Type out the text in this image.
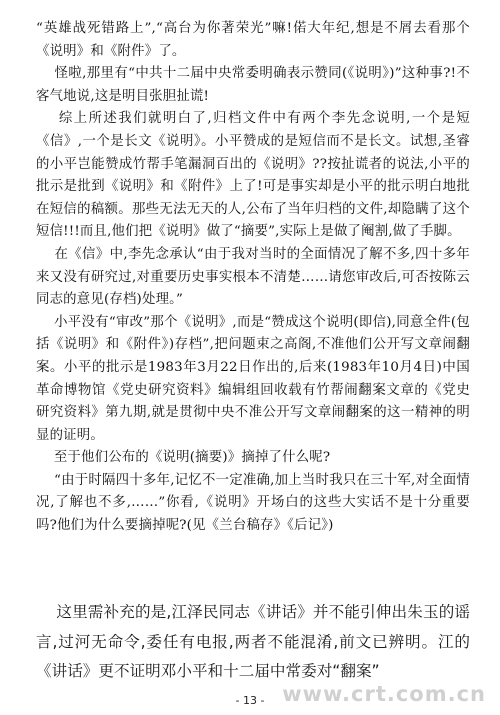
“英雄战死错路上”,“高台为你著荣光”嘛!偌大年纪,想是不屑去看那个《说明》和《附件》了。

怪啦,那里有“中共十二届中央常委明确表示赞同(《说明》)”这种事?!不客气地说,这是明目张胆扯谎!

综上所述我们就明白了,归档文件中有两个李先念说明,一个是短《信》,一个是长文《说明》。小平赞成的是短信而不是长文。试想,圣睿的小平岂能赞成竹帮手笔漏洞百出的《说明》??按扯谎者的说法,小平的批示是批到《说明》和《附件》上了!可是事实却是小平的批示明白地批在短信的稿额。那些无法无天的人,公布了当年归档的文件,却隐瞒了这个短信!!!而且,他们把《说明》做了“摘要”,实际上是做了阉割,做了手脚。

在《信》中,李先念承认“由于我对当时的全面情况了解不多,四十多年来又没有研究过,对重要历史事实根本不清楚……请您审改后,可否按陈云同志的意见(存档)处理。”

小平没有“审改”那个《说明》,而是“赞成这个说明(即信),同意全件(包括《说明》和《附件》)存档”,把问题束之高阁,不准他们公开写文章闹翻案。小平的批示是1983年3月22日作出的,后来(1983年10月4日)中国革命博物馆《党史研究资料》编辑组回收载有竹帮闹翻案文章的《党史研究资料》第九期,就是贯彻中央不准公开写文章闹翻案的这一精神的明显的证明。

至于他们公布的《说明(摘要)》摘掉了什么呢?

“由于时隔四十多年,记忆不一定准确,加上当时我只在三十军,对全面情况,了解也不多,……”你看,《说明》开场白的这些大实话不是十分重要吗?他们为什么要摘掉呢?(见《兰台稿存》《后记》)

这里需补充的是,江泽民同志《讲话》并不能引伸出朱玉的谣言,过河无命令,委任有电报,两者不能混淆,前文已辨明。江的《讲话》更不证明邓小平和十二届中常委对“翻案”

- 13 - www.crt.com.cn
